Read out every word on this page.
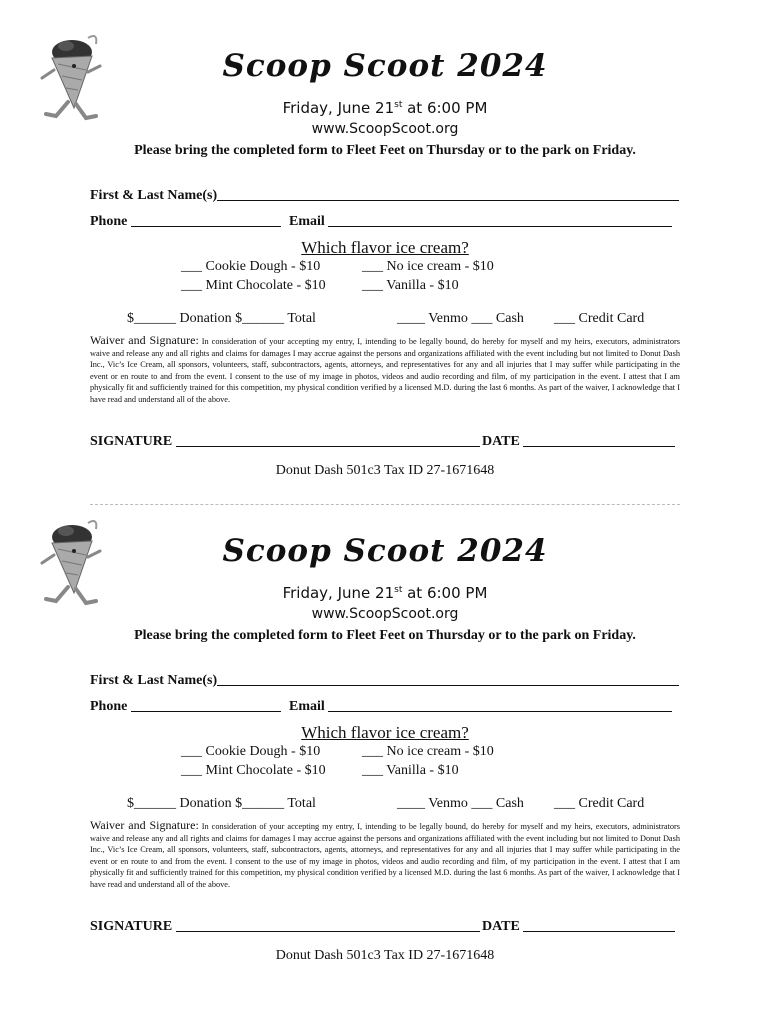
Scoop Scoot 2024
Friday, June 21st at 6:00 PM
www.ScoopScoot.org
Please bring the completed form to Fleet Feet on Thursday or to the park on Friday.
First & Last Name(s)
Phone	Email
Which flavor ice cream?
___ Cookie Dough - $10	___ No ice cream - $10
___ Mint Chocolate - $10	___ Vanilla - $10
$______ Donation $______ Total	____ Venmo ___ Cash ___ Credit Card
Waiver and Signature: In consideration of your accepting my entry, I, intending to be legally bound, do hereby for myself and my heirs, executors, administrators waive and release any and all rights and claims for damages I may accrue against the persons and organizations affiliated with the event including but not limited to Donut Dash Inc., Vic’s Ice Cream, all sponsors, volunteers, staff, subcontractors, agents, attorneys, and representatives for any and all injuries that I may suffer while participating in the event or en route to and from the event. I consent to the use of my image in photos, videos and audio recording and film, of my participation in the event. I attest that I am physically fit and sufficiently trained for this competition, my physical condition verified by a licensed M.D. during the last 6 months. As part of the waiver, I acknowledge that I have read and understand all of the above.
SIGNATURE	DATE
Donut Dash 501c3 Tax ID 27-1671648
Scoop Scoot 2024
Friday, June 21st at 6:00 PM
www.ScoopScoot.org
Please bring the completed form to Fleet Feet on Thursday or to the park on Friday.
First & Last Name(s)
Phone	Email
Which flavor ice cream?
___ Cookie Dough - $10	___ No ice cream - $10
___ Mint Chocolate - $10	___ Vanilla - $10
$______ Donation $______ Total	____ Venmo ___ Cash ___ Credit Card
Waiver and Signature: In consideration of your accepting my entry, I, intending to be legally bound, do hereby for myself and my heirs, executors, administrators waive and release any and all rights and claims for damages I may accrue against the persons and organizations affiliated with the event including but not limited to Donut Dash Inc., Vic’s Ice Cream, all sponsors, volunteers, staff, subcontractors, agents, attorneys, and representatives for any and all injuries that I may suffer while participating in the event or en route to and from the event. I consent to the use of my image in photos, videos and audio recording and film, of my participation in the event. I attest that I am physically fit and sufficiently trained for this competition, my physical condition verified by a licensed M.D. during the last 6 months. As part of the waiver, I acknowledge that I have read and understand all of the above.
SIGNATURE	DATE
Donut Dash 501c3 Tax ID 27-1671648
